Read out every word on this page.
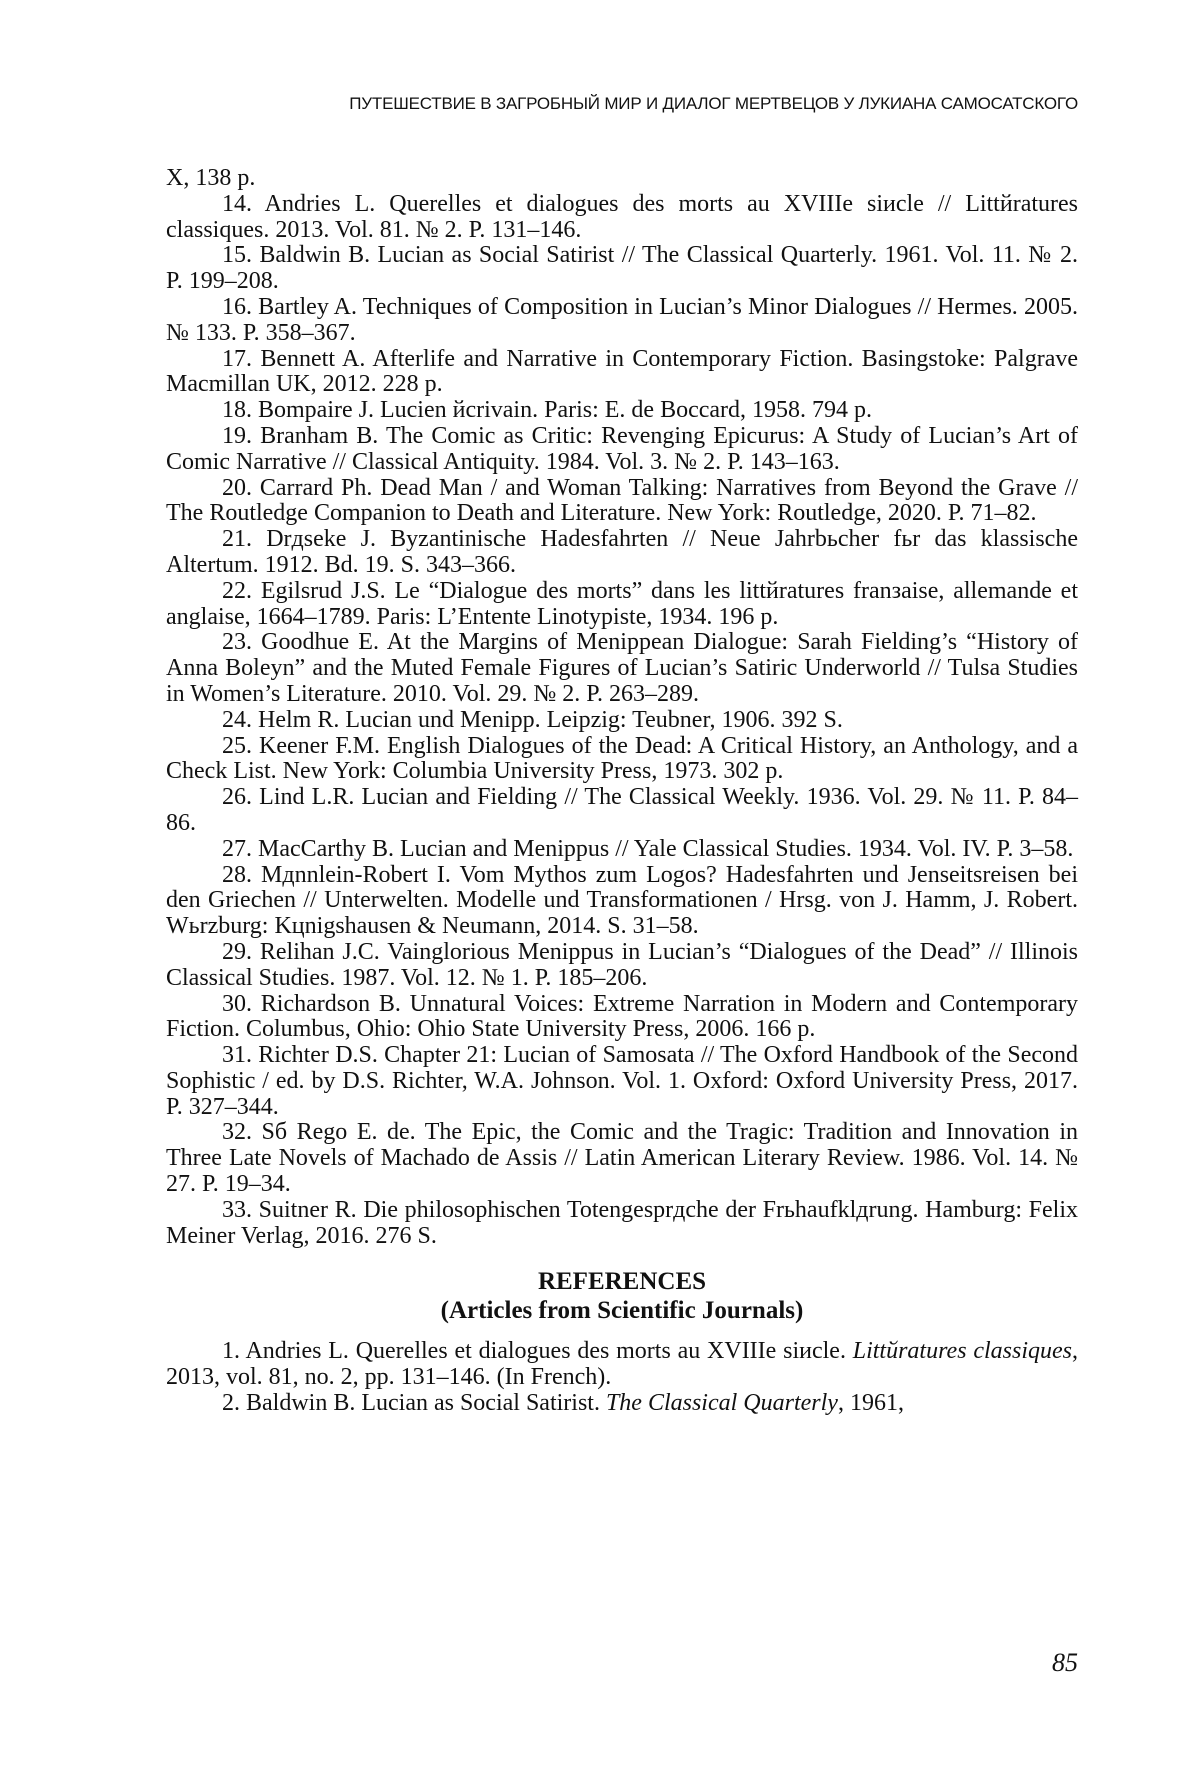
ПУТЕШЕСТВИЕ В ЗАГРОБНЫЙ МИР И ДИАЛОГ МЕРТВЕЦОВ У ЛУКИАНА САМОСАТСКОГО

X, 138 p.

14. Andries L. Querelles et dialogues des morts au XVIIIe siиcle // Littйratures classiques. 2013. Vol. 81. № 2. P. 131–146.

15. Baldwin B. Lucian as Social Satirist // The Classical Quarterly. 1961. Vol. 11. № 2. P. 199–208.

16. Bartley A. Techniques of Composition in Lucian’s Minor Dialogues // Hermes. 2005. № 133. P. 358–367.

17. Bennett A. Afterlife and Narrative in Contemporary Fiction. Basingstoke: Palgrave Macmillan UK, 2012. 228 p.

18. Bompaire J. Lucien йcrivain. Paris: E. de Boccard, 1958. 794 p.

19. Branham B. The Comic as Critic: Revenging Epicurus: A Study of Lucian’s Art of Comic Narrative // Classical Antiquity. 1984. Vol. 3. № 2. P. 143–163.

20. Carrard Ph. Dead Man / and Woman Talking: Narratives from Beyond the Grave // The Routledge Companion to Death and Literature. New York: Routledge, 2020. P. 71–82.

21. Drдseke J. Byzantinische Hadesfahrten // Neue Jahrbьcher fьr das klassische Altertum. 1912. Bd. 19. S. 343–366.

22. Egilsrud J.S. Le “Dialogue des morts” dans les littйratures franзaise, allemande et anglaise, 1664–1789. Paris: L’Entente Linotypiste, 1934. 196 p.

23. Goodhue E. At the Margins of Menippean Dialogue: Sarah Fielding’s “History of Anna Boleyn” and the Muted Female Figures of Lucian’s Satiric Underworld // Tulsa Studies in Women’s Literature. 2010. Vol. 29. № 2. P. 263–289.

24. Helm R. Lucian und Menipp. Leipzig: Teubner, 1906. 392 S.

25. Keener F.M. English Dialogues of the Dead: A Critical History, an Anthology, and a Check List. New York: Columbia University Press, 1973. 302 p.

26. Lind L.R. Lucian and Fielding // The Classical Weekly. 1936. Vol. 29. № 11. P. 84–86.

27. MacCarthy B. Lucian and Menippus // Yale Classical Studies. 1934. Vol. IV. P. 3–58.

28. Mдnnlein-Robert I. Vom Mythos zum Logos? Hadesfahrten und Jenseitsreisen bei den Griechen // Unterwelten. Modelle und Transformationen / Hrsg. von J. Hamm, J. Robert. Wьrzburg: Kцnigshausen & Neumann, 2014. S. 31–58.

29. Relihan J.C. Vainglorious Menippus in Lucian’s “Dialogues of the Dead” // Illinois Classical Studies. 1987. Vol. 12. № 1. P. 185–206.

30. Richardson B. Unnatural Voices: Extreme Narration in Modern and Contemporary Fiction. Columbus, Ohio: Ohio State University Press, 2006. 166 p.

31. Richter D.S. Chapter 21: Lucian of Samosata // The Oxford Handbook of the Second Sophistic / ed. by D.S. Richter, W.A. Johnson. Vol. 1. Oxford: Oxford University Press, 2017. P. 327–344.

32. Sб Rego E. de. The Epic, the Comic and the Tragic: Tradition and Innovation in Three Late Novels of Machado de Assis // Latin American Literary Review. 1986. Vol. 14. № 27. P. 19–34.

33. Suitner R. Die philosophischen Totengesprдche der Frьhaufklдrung. Hamburg: Felix Meiner Verlag, 2016. 276 S.

REFERENCES
(Articles from Scientific Journals)

1. Andries L. Querelles et dialogues des morts au XVIIIe siиcle. Littйratures classiques, 2013, vol. 81, no. 2, pp. 131–146. (In French).

2. Baldwin B. Lucian as Social Satirist. The Classical Quarterly, 1961,

85
